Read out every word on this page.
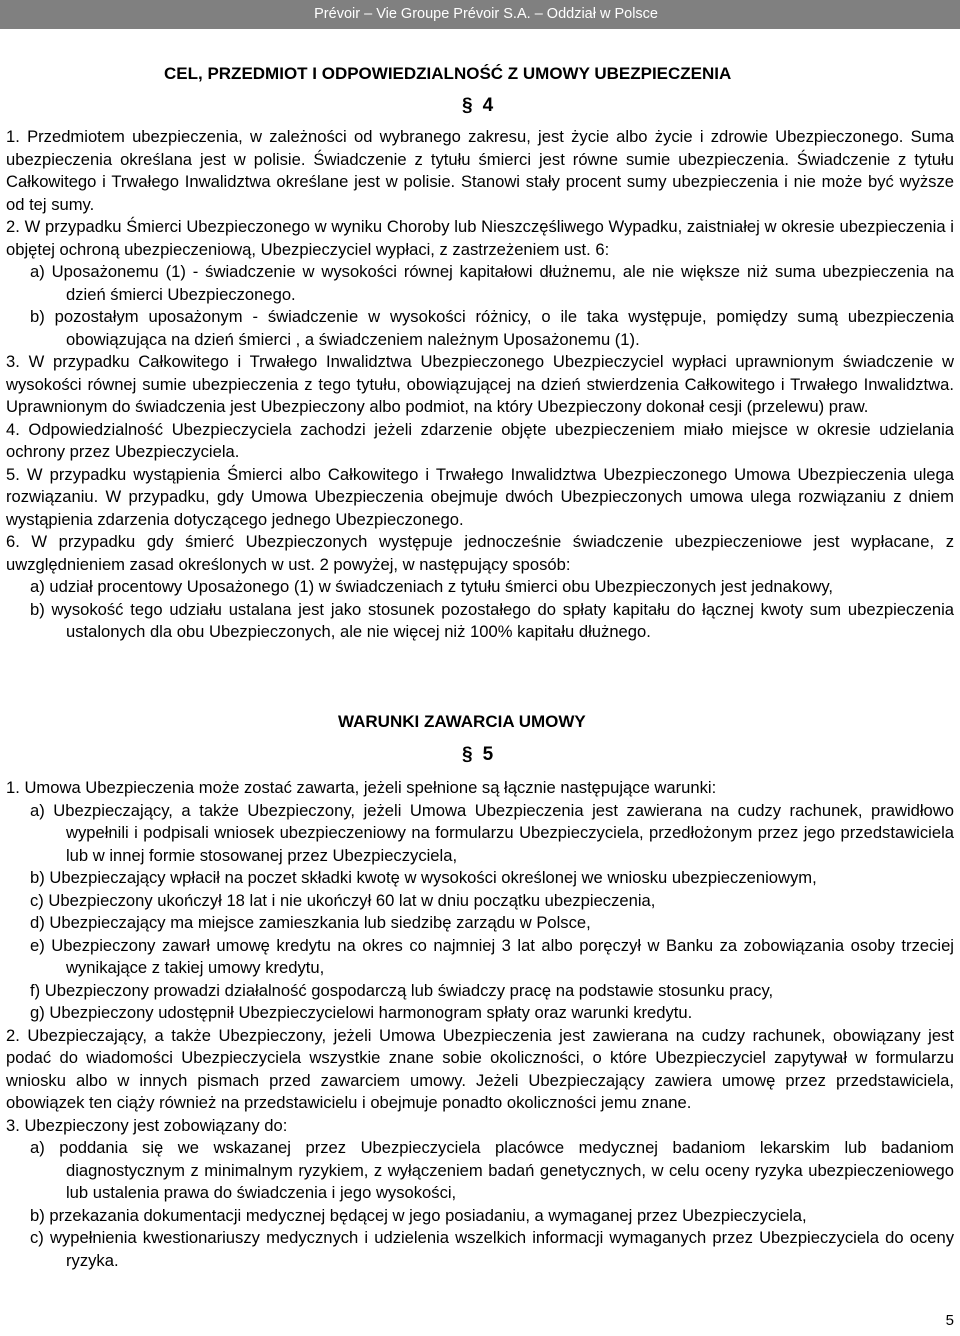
Prévoir – Vie Groupe Prévoir S.A. – Oddział w Polsce
CEL, PRZEDMIOT I ODPOWIEDZIALNOŚĆ Z UMOWY UBEZPIECZENIA
§ 4

1. Przedmiotem ubezpieczenia, w zależności od wybranego zakresu, jest życie albo życie i zdrowie Ubezpieczonego. Suma ubezpieczenia określana jest w polisie. Świadczenie z tytułu śmierci jest równe sumie ubezpieczenia. Świadczenie z tytułu Całkowitego i Trwałego Inwalidztwa określane jest w polisie. Stanowi stały procent sumy ubezpieczenia i nie może być wyższe od tej sumy.

2. W przypadku Śmierci Ubezpieczonego w wyniku Choroby lub Nieszczęśliwego Wypadku, zaistniałej w okresie ubezpieczenia i objętej ochroną ubezpieczeniową, Ubezpieczyciel wypłaci, z zastrzeżeniem ust. 6:

a) Uposażonemu (1) - świadczenie w wysokości równej kapitałowi dłużnemu, ale nie większe niż suma ubezpieczenia na dzień śmierci Ubezpieczonego.

b) pozostałym uposażonym - świadczenie w wysokości różnicy, o ile taka występuje, pomiędzy sumą ubezpieczenia obowiązująca na dzień śmierci , a świadczeniem należnym Uposażonemu (1).

3. W przypadku Całkowitego i Trwałego Inwalidztwa Ubezpieczonego Ubezpieczyciel wypłaci uprawnionym świadczenie w wysokości równej sumie ubezpieczenia z tego tytułu, obowiązującej na dzień stwierdzenia Całkowitego i Trwałego Inwalidztwa. Uprawnionym do świadczenia jest Ubezpieczony albo podmiot, na który Ubezpieczony dokonał cesji (przelewu) praw.

4. Odpowiedzialność Ubezpieczyciela zachodzi jeżeli zdarzenie objęte ubezpieczeniem miało miejsce w okresie udzielania ochrony przez Ubezpieczyciela.

5. W przypadku wystąpienia Śmierci albo Całkowitego i Trwałego Inwalidztwa Ubezpieczonego Umowa Ubezpieczenia ulega rozwiązaniu. W przypadku, gdy Umowa Ubezpieczenia obejmuje dwóch Ubezpieczonych umowa ulega rozwiązaniu z dniem wystąpienia zdarzenia dotyczącego jednego Ubezpieczonego.

6. W przypadku gdy śmierć Ubezpieczonych występuje jednocześnie świadczenie ubezpieczeniowe jest wypłacane, z uwzględnieniem zasad określonych w ust. 2 powyżej, w następujący sposób:

a) udział procentowy Uposażonego (1) w świadczeniach z tytułu śmierci obu Ubezpieczonych jest jednakowy,

b) wysokość tego udziału ustalana jest jako stosunek pozostałego do spłaty kapitału do łącznej kwoty sum ubezpieczenia ustalonych dla obu Ubezpieczonych, ale nie więcej niż 100% kapitału dłużnego.

WARUNKI ZAWARCIA UMOWY
§ 5

1. Umowa Ubezpieczenia może zostać zawarta, jeżeli spełnione są łącznie następujące warunki:

a) Ubezpieczający, a także Ubezpieczony, jeżeli Umowa Ubezpieczenia jest zawierana na cudzy rachunek, prawidłowo wypełnili i podpisali wniosek ubezpieczeniowy na formularzu Ubezpieczyciela, przedłożonym przez jego przedstawiciela lub w innej formie stosowanej przez Ubezpieczyciela,

b) Ubezpieczający wpłacił na poczet składki kwotę w wysokości określonej we wniosku ubezpieczeniowym,

c) Ubezpieczony ukończył 18 lat i nie ukończył 60 lat w dniu początku ubezpieczenia,

d) Ubezpieczający ma miejsce zamieszkania lub siedzibę zarządu w Polsce,

e) Ubezpieczony zawarł umowę kredytu na okres co najmniej 3 lat albo poręczył w Banku za zobowiązania osoby trzeciej wynikające z takiej umowy kredytu,

f) Ubezpieczony prowadzi działalność gospodarczą lub świadczy pracę na podstawie stosunku pracy,

g) Ubezpieczony udostępnił Ubezpieczycielowi harmonogram spłaty oraz warunki kredytu.

2. Ubezpieczający, a także Ubezpieczony, jeżeli Umowa Ubezpieczenia jest zawierana na cudzy rachunek, obowiązany jest podać do wiadomości Ubezpieczyciela wszystkie znane sobie okoliczności, o które Ubezpieczyciel zapytywał w formularzu wniosku albo w innych pismach przed zawarciem umowy. Jeżeli Ubezpieczający zawiera umowę przez przedstawiciela, obowiązek ten ciąży również na przedstawicielu i obejmuje ponadto okoliczności jemu znane.

3. Ubezpieczony jest zobowiązany do:

a) poddania się we wskazanej przez Ubezpieczyciela placówce medycznej badaniom lekarskim lub badaniom diagnostycznym z minimalnym ryzykiem, z wyłączeniem badań genetycznych, w celu oceny ryzyka ubezpieczeniowego lub ustalenia prawa do świadczenia i jego wysokości,

b) przekazania dokumentacji medycznej będącej w jego posiadaniu, a wymaganej przez Ubezpieczyciela,

c) wypełnienia kwestionariuszy medycznych i udzielenia wszelkich informacji wymaganych przez Ubezpieczyciela do oceny ryzyka.

5
